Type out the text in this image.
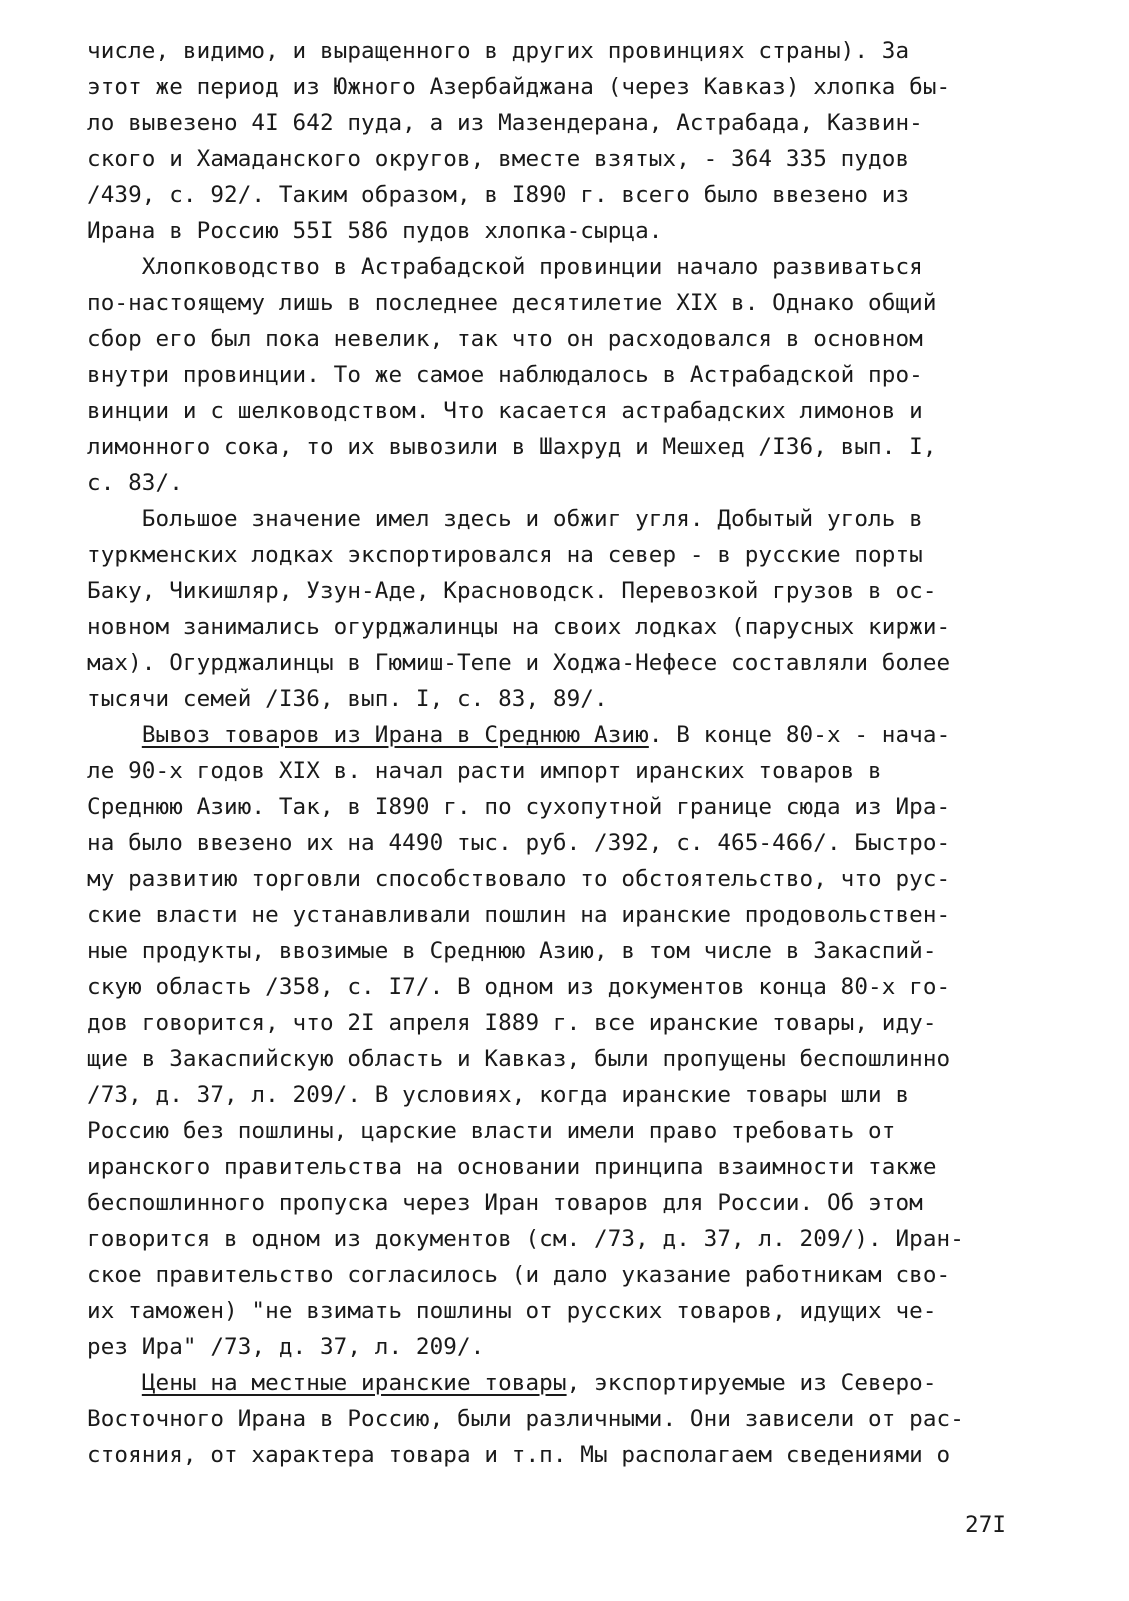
числе, видимо, и выращенного в других провинциях страны). За
этот же период из Южного Азербайджана (через Кавказ) хлопка бы-
ло вывезено 4I 642 пуда, а из Мазендерана, Астрабада, Казвин-
ского и Хамаданского округов, вместе взятых, - 364 335 пудов
/439, с. 92/. Таким образом, в I890 г. всего было ввезено из
Ирана в Россию 55I 586 пудов хлопка-сырца.
Хлопководство в Астрабадской провинции начало развиваться
по-настоящему лишь в последнее десятилетие XIX в. Однако общий
сбор его был пока невелик, так что он расходовался в основном
внутри провинции. То же самое наблюдалось в Астрабадской про-
винции и с шелководством. Что касается астрабадских лимонов и
лимонного сока, то их вывозили в Шахруд и Мешхед /I36, вып. I,
с. 83/.
Большое значение имел здесь и обжиг угля. Добытый уголь в
туркменских лодках экспортировался на север - в русские порты
Баку, Чикишляр, Узун-Аде, Красноводск. Перевозкой грузов в ос-
новном занимались огурджалинцы на своих лодках (парусных киржи-
мах). Огурджалинцы в Гюмиш-Тепе и Ходжа-Нефесе составляли более
тысячи семей /I36, вып. I, с. 83, 89/.
Вывоз товаров из Ирана в Среднюю Азию. В конце 80-х - нача-
ле 90-х годов XIX в. начал расти импорт иранских товаров в
Среднюю Азию. Так, в I890 г. по сухопутной границе сюда из Ира-
на было ввезено их на 4490 тыс. руб. /392, с. 465-466/. Быстро-
му развитию торговли способствовало то обстоятельство, что рус-
ские власти не устанавливали пошлин на иранские продовольствен-
ные продукты, ввозимые в Среднюю Азию, в том числе в Закаспий-
скую область /358, с. I7/. В одном из документов конца 80-х го-
дов говорится, что 2I апреля I889 г. все иранские товары, иду-
щие в Закаспийскую область и Кавказ, были пропущены беспошлинно
/73, д. 37, л. 209/. В условиях, когда иранские товары шли в
Россию без пошлины, царские власти имели право требовать от
иранского правительства на основании принципа взаимности также
беспошлинного пропуска через Иран товаров для России. Об этом
говорится в одном из документов (см. /73, д. 37, л. 209/). Иран-
ское правительство согласилось (и дало указание работникам сво-
их таможен) "не взимать пошлины от русских товаров, идущих че-
рез Ира" /73, д. 37, л. 209/.
Цены на местные иранские товары, экспортируемые из Северо-
Восточного Ирана в Россию, были различными. Они зависели от рас-
стояния, от характера товара и т.п. Мы располагаем сведениями о
27I
